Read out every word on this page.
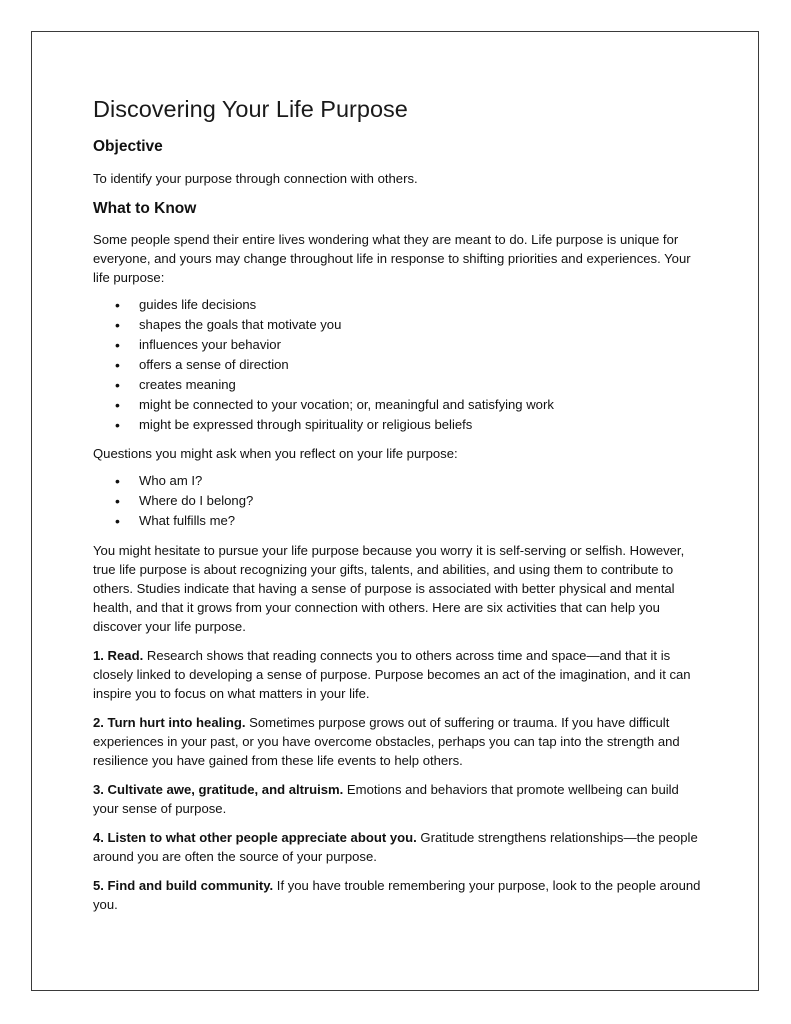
Discovering Your Life Purpose
Objective

To identify your purpose through connection with others.

What to Know

Some people spend their entire lives wondering what they are meant to do. Life purpose is unique for everyone, and yours may change throughout life in response to shifting priorities and experiences. Your life purpose:

• guides life decisions
• shapes the goals that motivate you
• influences your behavior
• offers a sense of direction
• creates meaning
• might be connected to your vocation; or, meaningful and satisfying work
• might be expressed through spirituality or religious beliefs

Questions you might ask when you reflect on your life purpose:

• Who am I?
• Where do I belong?
• What fulfills me?

You might hesitate to pursue your life purpose because you worry it is self-serving or selfish. However, true life purpose is about recognizing your gifts, talents, and abilities, and using them to contribute to others. Studies indicate that having a sense of purpose is associated with better physical and mental health, and that it grows from your connection with others. Here are six activities that can help you discover your life purpose.

1. Read. Research shows that reading connects you to others across time and space—and that it is closely linked to developing a sense of purpose. Purpose becomes an act of the imagination, and it can inspire you to focus on what matters in your life.

2. Turn hurt into healing. Sometimes purpose grows out of suffering or trauma. If you have difficult experiences in your past, or you have overcome obstacles, perhaps you can tap into the strength and resilience you have gained from these life events to help others.

3. Cultivate awe, gratitude, and altruism. Emotions and behaviors that promote wellbeing can build your sense of purpose.

4. Listen to what other people appreciate about you. Gratitude strengthens relationships—the people around you are often the source of your purpose.

5. Find and build community. If you have trouble remembering your purpose, look to the people around you.
